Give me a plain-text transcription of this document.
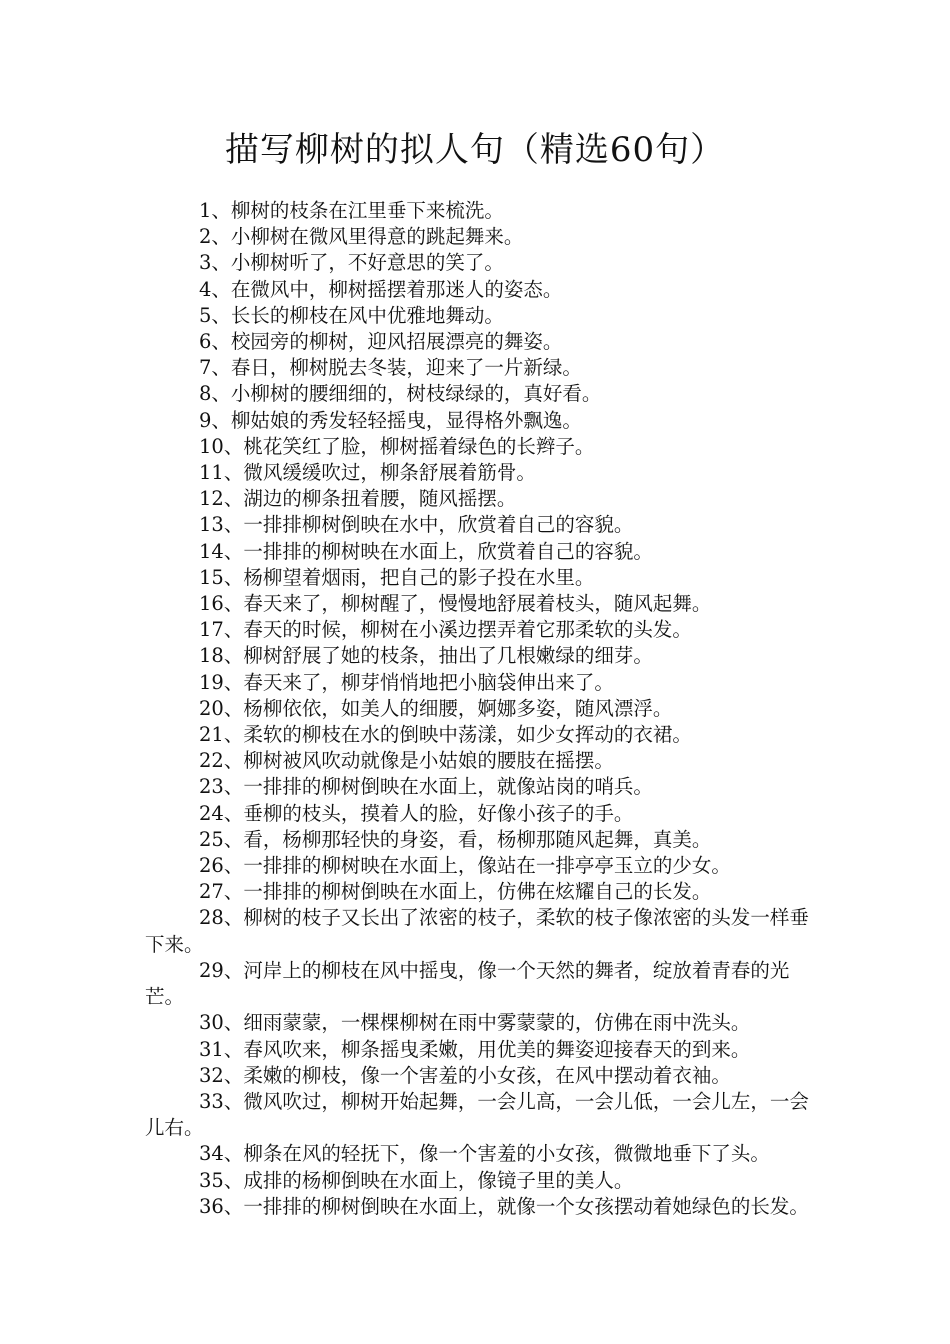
描写柳树的拟人句（精选60句）
1、柳树的枝条在江里垂下来梳洗。
2、小柳树在微风里得意的跳起舞来。
3、小柳树听了，不好意思的笑了。
4、在微风中，柳树摇摆着那迷人的姿态。
5、长长的柳枝在风中优雅地舞动。
6、校园旁的柳树，迎风招展漂亮的舞姿。
7、春日，柳树脱去冬装，迎来了一片新绿。
8、小柳树的腰细细的，树枝绿绿的，真好看。
9、柳姑娘的秀发轻轻摇曳，显得格外飘逸。
10、桃花笑红了脸，柳树摇着绿色的长辫子。
11、微风缓缓吹过，柳条舒展着筋骨。
12、湖边的柳条扭着腰，随风摇摆。
13、一排排柳树倒映在水中，欣赏着自己的容貌。
14、一排排的柳树映在水面上，欣赏着自己的容貌。
15、杨柳望着烟雨，把自己的影子投在水里。
16、春天来了，柳树醒了，慢慢地舒展着枝头，随风起舞。
17、春天的时候，柳树在小溪边摆弄着它那柔软的头发。
18、柳树舒展了她的枝条，抽出了几根嫩绿的细芽。
19、春天来了，柳芽悄悄地把小脑袋伸出来了。
20、杨柳依依，如美人的细腰，婀娜多姿，随风漂浮。
21、柔软的柳枝在水的倒映中荡漾，如少女挥动的衣裙。
22、柳树被风吹动就像是小姑娘的腰肢在摇摆。
23、一排排的柳树倒映在水面上，就像站岗的哨兵。
24、垂柳的枝头，摸着人的脸，好像小孩子的手。
25、看，杨柳那轻快的身姿，看，杨柳那随风起舞，真美。
26、一排排的柳树映在水面上，像站在一排亭亭玉立的少女。
27、一排排的柳树倒映在水面上，仿佛在炫耀自己的长发。
28、柳树的枝子又长出了浓密的枝子，柔软的枝子像浓密的头发一样垂下来。
29、河岸上的柳枝在风中摇曳，像一个天然的舞者，绽放着青春的光芒。
30、细雨蒙蒙，一棵棵柳树在雨中雾蒙蒙的，仿佛在雨中洗头。
31、春风吹来，柳条摇曳柔嫩，用优美的舞姿迎接春天的到来。
32、柔嫩的柳枝，像一个害羞的小女孩，在风中摆动着衣袖。
33、微风吹过，柳树开始起舞，一会儿高，一会儿低，一会儿左，一会儿右。
34、柳条在风的轻抚下，像一个害羞的小女孩，微微地垂下了头。
35、成排的杨柳倒映在水面上，像镜子里的美人。
36、一排排的柳树倒映在水面上，就像一个女孩摆动着她绿色的长发。
